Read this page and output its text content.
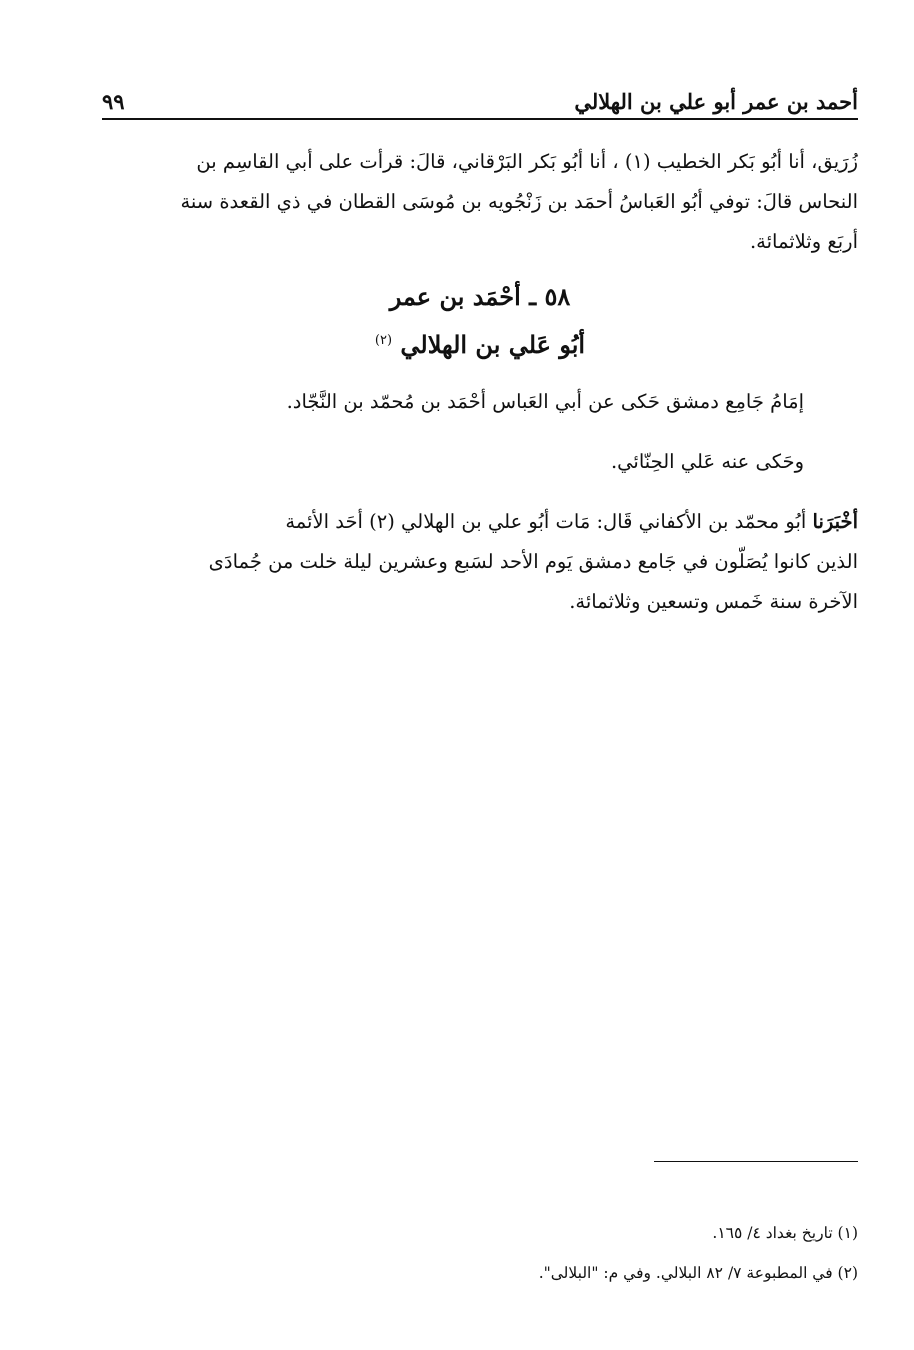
أحمد بن عمر أبو علي بن الهلالي
٩٩
زُرَيق، أنا أبُو بَكر الخطيب (١) ، أنا أبُو بَكر البَرْقاني، قالَ: قرأت على أبي القاسِم بن
النحاس قالَ: توفي أبُو العَباسُ أحمَد بن زَنْجُويه بن مُوسَى القطان في ذي القعدة سنة
أربَع وثلاثمائة.
٥٨ ـ أحْمَد بن عمر
أبُو عَلي بن الهلالي $^{(٢)}$
إمَامُ جَامِع دمشق حَكى عن أبي العَباس أحْمَد بن مُحمّد بن النَّجّاد.
وحَكى عنه عَلي الحِنّائي.
أخْبَرَنا أبُو محمّد بن الأكفاني قَال: مَات أبُو علي بن الهلالي (٢) أحَد الأئمة
الذين كانوا يُصَلّون في جَامع دمشق يَوم الأحد لسَبع وعشرين ليلة خلت من جُمادَى
الآخرة سنة خَمس وتسعين وثلاثمائة.
(١) تاريخ بغداد ٤/ ١٦٥.
(٢) في المطبوعة ٧/ ٨٢ البلالي. وفي م: "البلالى".
